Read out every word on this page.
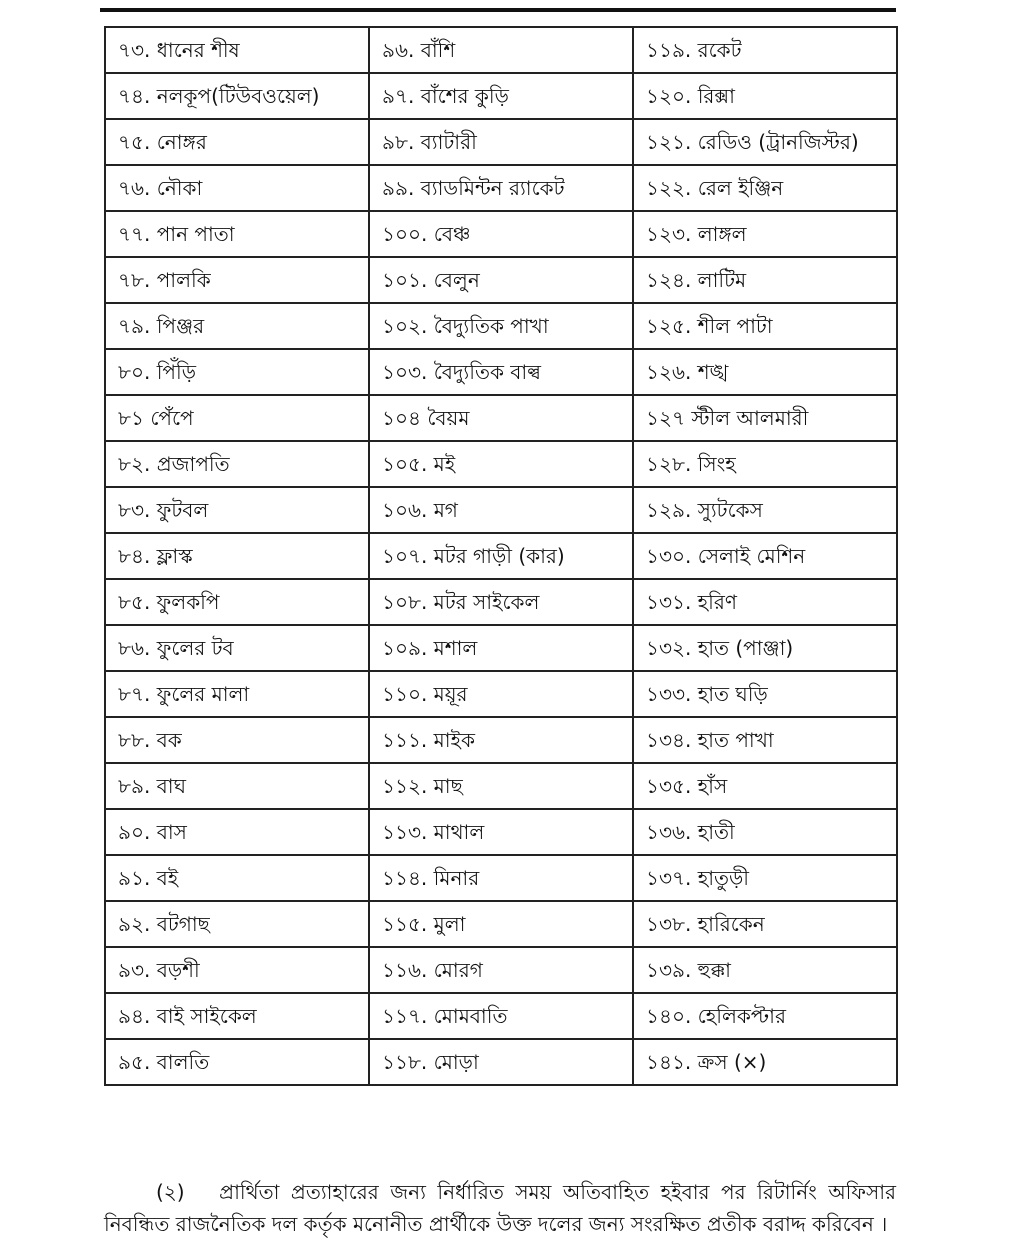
৭৩. ধানের শীষ	৯৬. বাঁশি	১১৯. রকেট
৭৪. নলকূপ(টিউবওয়েল)	৯৭. বাঁশের কুড়ি	১২০. রিক্সা
৭৫. নোঙ্গর	৯৮. ব্যাটারী	১২১. রেডিও (ট্রানজিস্টর)
৭৬. নৌকা	৯৯. ব্যাডমিন্টন র‌্যাকেট	১২২. রেল ইঞ্জিন
৭৭. পান পাতা	১০০. বেঞ্চ	১২৩. লাঙ্গল
৭৮. পালকি	১০১. বেলুন	১২৪. লাটিম
৭৯. পিঞ্জর	১০২. বৈদ্যুতিক পাখা	১২৫. শীল পাটা
৮০. পিঁড়ি	১০৩. বৈদ্যুতিক বাল্ব	১২৬. শঙ্খ
৮১ পেঁপে	১০৪ বৈয়ম	১২৭ স্টীল আলমারী
৮২. প্রজাপতি	১০৫. মই	১২৮. সিংহ
৮৩. ফুটবল	১০৬. মগ	১২৯. স্যুটকেস
৮৪. ফ্লাস্ক	১০৭. মটর গাড়ী (কার)	১৩০. সেলাই মেশিন
৮৫. ফুলকপি	১০৮. মটর সাইকেল	১৩১. হরিণ
৮৬. ফুলের টব	১০৯. মশাল	১৩২. হাত (পাঞ্জা)
৮৭. ফুলের মালা	১১০. ময়ূর	১৩৩. হাত ঘড়ি
৮৮. বক	১১১. মাইক	১৩৪. হাত পাখা
৮৯. বাঘ	১১২. মাছ	১৩৫. হাঁস
৯০. বাস	১১৩. মাথাল	১৩৬. হাতী
৯১. বই	১১৪. মিনার	১৩৭. হাতুড়ী
৯২. বটগাছ	১১৫. মুলা	১৩৮. হারিকেন
৯৩. বড়শী	১১৬. মোরগ	১৩৯. হুক্কা
৯৪. বাই সাইকেল	১১৭. মোমবাতি	১৪০. হেলিকপ্টার
৯৫. বালতি	১১৮. মোড়া	১৪১. ক্রস (×)

(২) প্রার্থিতা প্রত্যাহারের জন্য নির্ধারিত সময় অতিবাহিত হইবার পর রিটার্নিং অফিসার নিবন্ধিত রাজনৈতিক দল কর্তৃক মনোনীত প্রার্থীকে উক্ত দলের জন্য সংরক্ষিত প্রতীক বরাদ্দ করিবেন ।
